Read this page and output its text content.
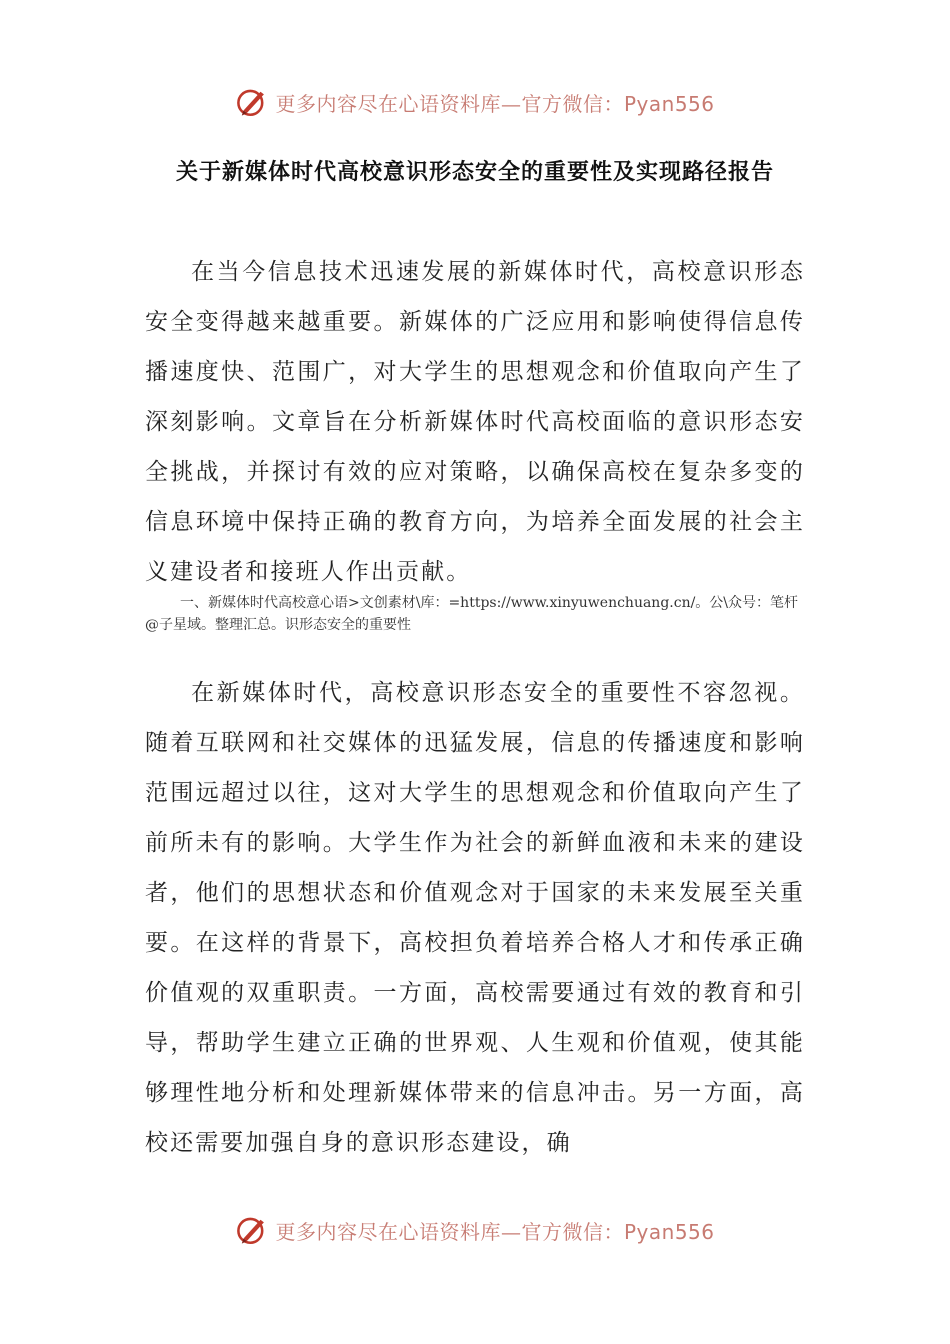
更多内容尽在心语资料库—官方微信：Pyan556
关于新媒体时代高校意识形态安全的重要性及实现路径报告

在当今信息技术迅速发展的新媒体时代，高校意识形态安全变得越来越重要。新媒体的广泛应用和影响使得信息传播速度快、范围广，对大学生的思想观念和价值取向产生了深刻影响。文章旨在分析新媒体时代高校面临的意识形态安全挑战，并探讨有效的应对策略，以确保高校在复杂多变的信息环境中保持正确的教育方向，为培养全面发展的社会主义建设者和接班人作出贡献。

一、新媒体时代高校意心语>文创素材\库：=https://www.xinyuwenchuang.cn/。公\众号：笔杆@子星域。整理汇总。识形态安全的重要性

在新媒体时代，高校意识形态安全的重要性不容忽视。随着互联网和社交媒体的迅猛发展，信息的传播速度和影响范围远超过以往，这对大学生的思想观念和价值取向产生了前所未有的影响。大学生作为社会的新鲜血液和未来的建设者，他们的思想状态和价值观念对于国家的未来发展至关重要。在这样的背景下，高校担负着培养合格人才和传承正确价值观的双重职责。一方面，高校需要通过有效的教育和引导，帮助学生建立正确的世界观、人生观和价值观，使其能够理性地分析和处理新媒体带来的信息冲击。另一方面，高校还需要加强自身的意识形态建设，确

更多内容尽在心语资料库—官方微信：Pyan556
